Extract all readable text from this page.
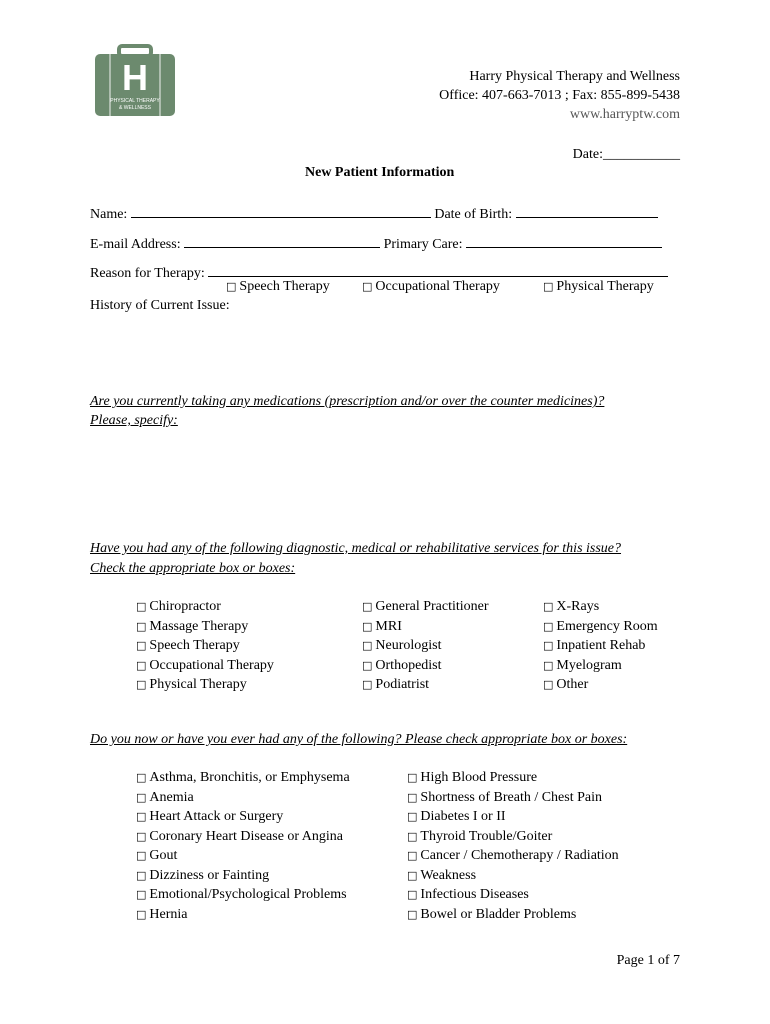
H
PHYSICAL THERAPY
& WELLNESS
Harry Physical Therapy and Wellness
Office: 407-663-7013 ; Fax: 855-899-5438
www.harryptw.com
Date:___________
New Patient Information
Name:	Date of Birth:
E-mail Address:	Primary Care:
Reason for Therapy:
□ Speech Therapy	□ Occupational Therapy	□ Physical Therapy
History of Current Issue:
Are you currently taking any medications (prescription and/or over the counter medicines)?
Please, specify:
Have you had any of the following diagnostic, medical or rehabilitative services for this issue?
Check the appropriate box or boxes:
□ Chiropractor
□ Massage Therapy
□ Speech Therapy
□ Occupational Therapy
□ Physical Therapy
□ General Practitioner
□ MRI
□ Neurologist
□ Orthopedist
□ Podiatrist
□ X-Rays
□ Emergency Room
□ Inpatient Rehab
□ Myelogram
□ Other
Do you now or have you ever had any of the following? Please check appropriate box or boxes:
□ Asthma, Bronchitis, or Emphysema
□ Anemia
□ Heart Attack or Surgery
□ Coronary Heart Disease or Angina
□ Gout
□ Dizziness or Fainting
□ Emotional/Psychological Problems
□ Hernia
□ High Blood Pressure
□ Shortness of Breath / Chest Pain
□ Diabetes I or II
□ Thyroid Trouble/Goiter
□ Cancer / Chemotherapy / Radiation
□ Weakness
□ Infectious Diseases
□ Bowel or Bladder Problems
Page 1 of 7
